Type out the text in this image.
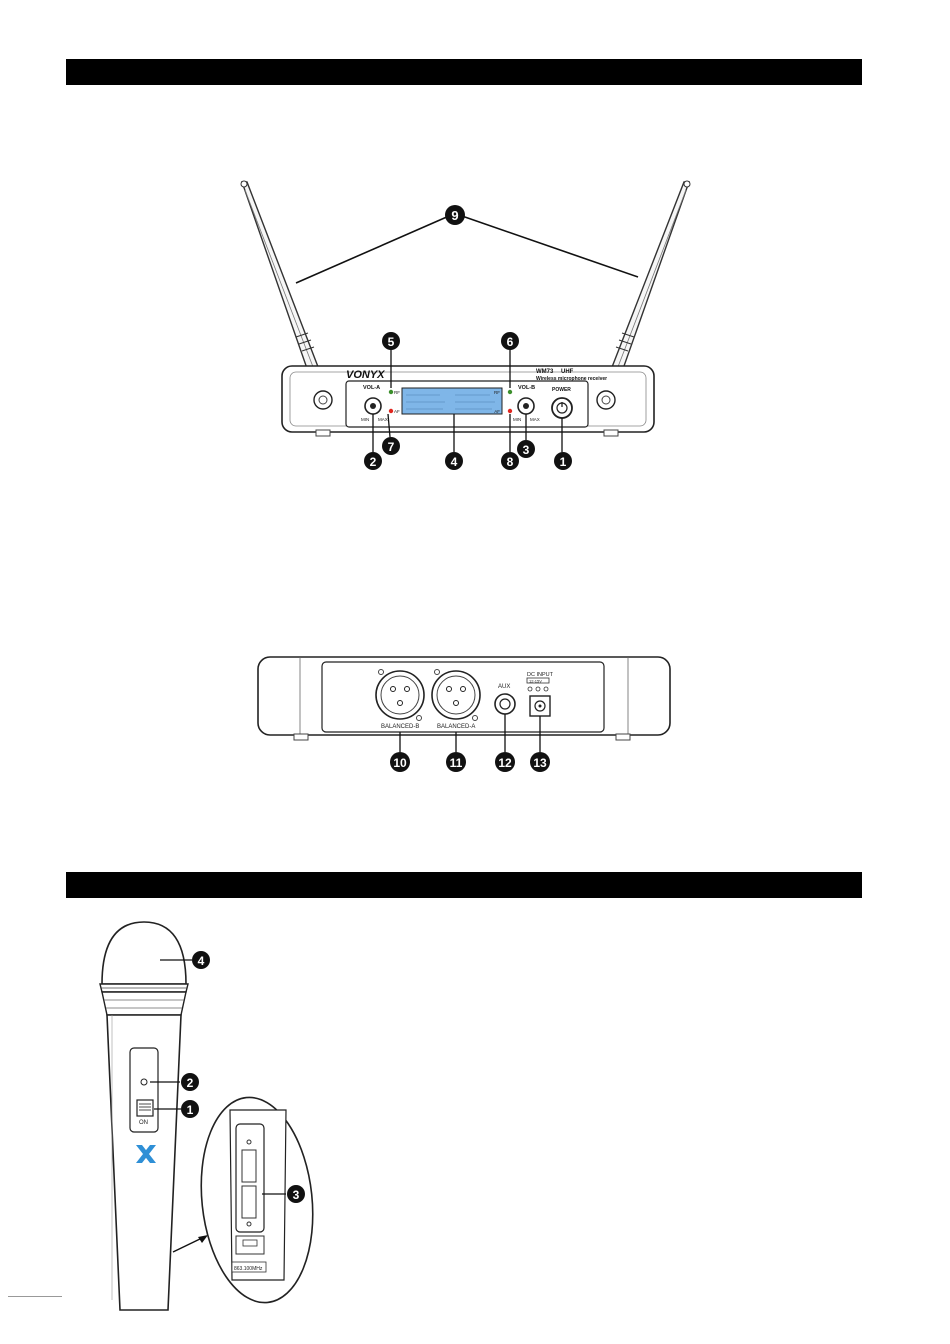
VONYX	WM73 UHF
Wireless microphone receiver
VOL-A
MIN MAX
RF
AF
RF
AF
VOL-B
MIN MAX
POWER
9
5	6
2
7
4	8
3
1
BALANCED-B	BALANCED-A
AUX
DC INPUT
12-15V
10	11	12 13
ON
863.100MHz
4
2
1
3
